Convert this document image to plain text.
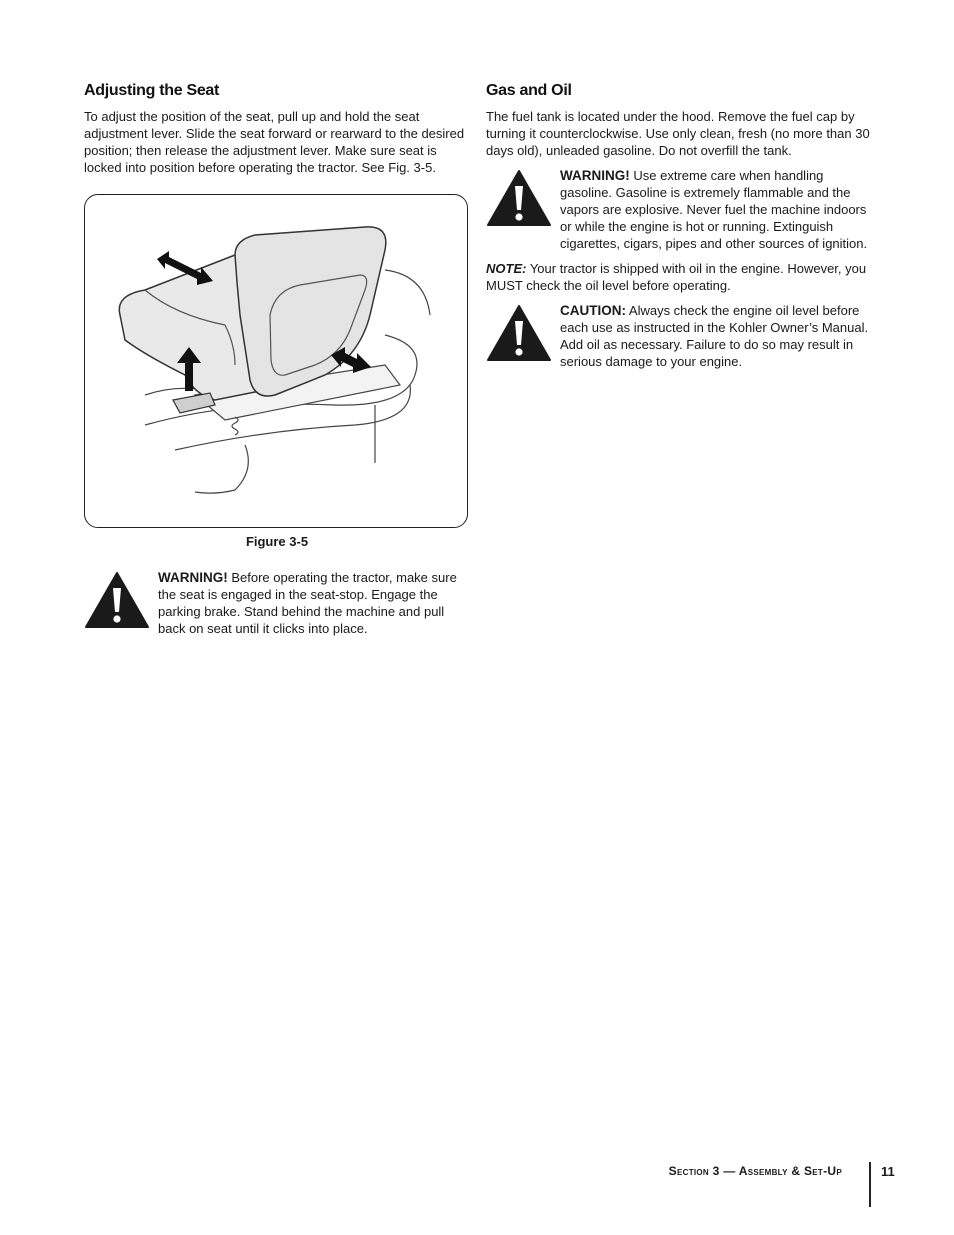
Adjusting the Seat

To adjust the position of the seat, pull up and hold the seat adjustment lever. Slide the seat forward or rearward to the desired position; then release the adjustment lever. Make sure seat is locked into position before operating the tractor. See Fig. 3-5.

Figure 3-5

WARNING! Before operating the tractor, make sure the seat is engaged in the seat-stop. Engage the parking brake. Stand behind the machine and pull back on seat until it clicks into place.

Gas and Oil

The fuel tank is located under the hood. Remove the fuel cap by turning it counterclockwise. Use only clean, fresh (no more than 30 days old), unleaded gasoline. Do not overfill the tank.

WARNING! Use extreme care when handling gasoline. Gasoline is extremely flammable and the vapors are explosive. Never fuel the machine indoors or while the engine is hot or running. Extinguish cigarettes, cigars, pipes and other sources of ignition.

NOTE: Your tractor is shipped with oil in the engine. However, you MUST check the oil level before operating.

CAUTION: Always check the engine oil level before each use as instructed in the Kohler Owner’s Manual. Add oil as necessary. Failure to do so may result in serious damage to your engine.

Section 3 — Assembly & Set-Up	11
